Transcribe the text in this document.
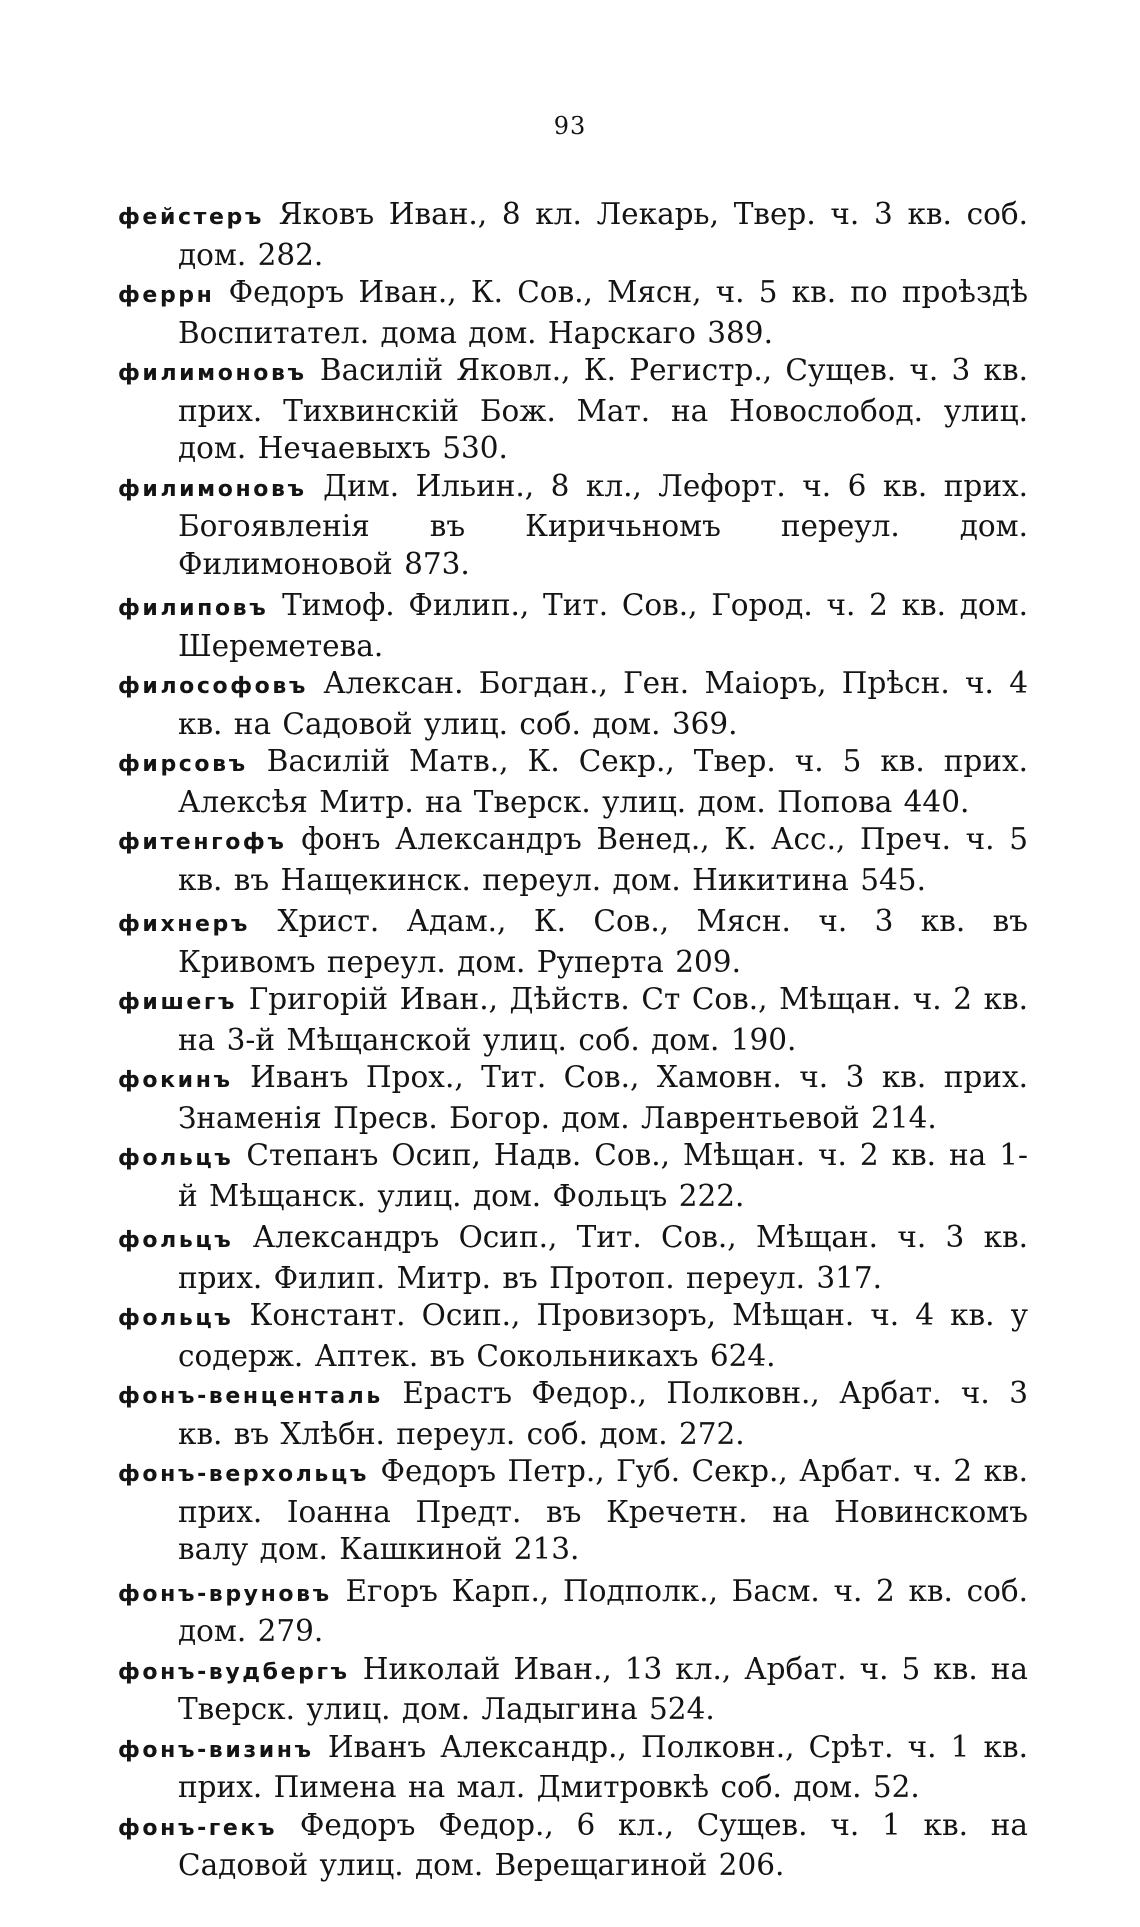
93

фейстеръ Яковъ Иван., 8 кл. Лекарь, Твер. ч. 3 кв. соб. дом. 282.

феррн Федоръ Иван., К. Сов., Мясн, ч. 5 кв. по проѣздѣ Воспитател. дома дом. Нарскаго 389.

филимоновъ Василій Яковл., К. Регистр., Сущев. ч. 3 кв. прих. Тихвинскій Бож. Мат. на Новослобод. улиц. дом. Нечаевыхъ 530.

филимоновъ Дим. Ильин., 8 кл., Лефорт. ч. 6 кв. прих. Богоявленія въ Киричьномъ переул. дом. Филимоновой 873.

филиповъ Тимоф. Филип., Тит. Сов., Город. ч. 2 кв. дом. Шереметева.

философовъ Алексан. Богдан., Ген. Маіоръ, Прѣсн. ч. 4 кв. на Садовой улиц. соб. дом. 369.

фирсовъ Василій Матв., К. Секр., Твер. ч. 5 кв. прих. Алексѣя Митр. на Тверск. улиц. дом. Попова 440.

фитенгофъ фонъ Александръ Венед., К. Асс., Преч. ч. 5 кв. въ Нащекинск. переул. дом. Никитина 545.

фихнеръ Христ. Адам., К. Сов., Мясн. ч. 3 кв. въ Кривомъ переул. дом. Руперта 209.

фишегъ Григорій Иван., Дѣйств. Ст Сов., Мѣщан. ч. 2 кв. на 3-й Мѣщанской улиц. соб. дом. 190.

фокинъ Иванъ Прох., Тит. Сов., Хамовн. ч. 3 кв. прих. Знаменія Пресв. Богор. дом. Лаврентьевой 214.

фольцъ Степанъ Осип, Надв. Сов., Мѣщан. ч. 2 кв. на 1-й Мѣщанск. улиц. дом. Фольцъ 222.

фольцъ Александръ Осип., Тит. Сов., Мѣщан. ч. 3 кв. прих. Филип. Митр. въ Протоп. переул. 317.

фольцъ Констант. Осип., Провизоръ, Мѣщан. ч. 4 кв. у содерж. Аптек. въ Сокольникахъ 624.

фонъ-венценталь Ерастъ Федор., Полковн., Арбат. ч. 3 кв. въ Хлѣбн. переул. соб. дом. 272.

фонъ-верхольцъ Федоръ Петр., Губ. Секр., Арбат. ч. 2 кв. прих. Іоанна Предт. въ Кречетн. на Новинскомъ валу дом. Кашкиной 213.

фонъ-вруновъ Егоръ Карп., Подполк., Басм. ч. 2 кв. соб. дом. 279.

фонъ-вудбергъ Николай Иван., 13 кл., Арбат. ч. 5 кв. на Тверск. улиц. дом. Ладыгина 524.

фонъ-визинъ Иванъ Александр., Полковн., Срѣт. ч. 1 кв. прих. Пимена на мал. Дмитровкѣ соб. дом. 52.

фонъ-гекъ Федоръ Федор., 6 кл., Сущев. ч. 1 кв. на Садовой улиц. дом. Верещагиной 206.
